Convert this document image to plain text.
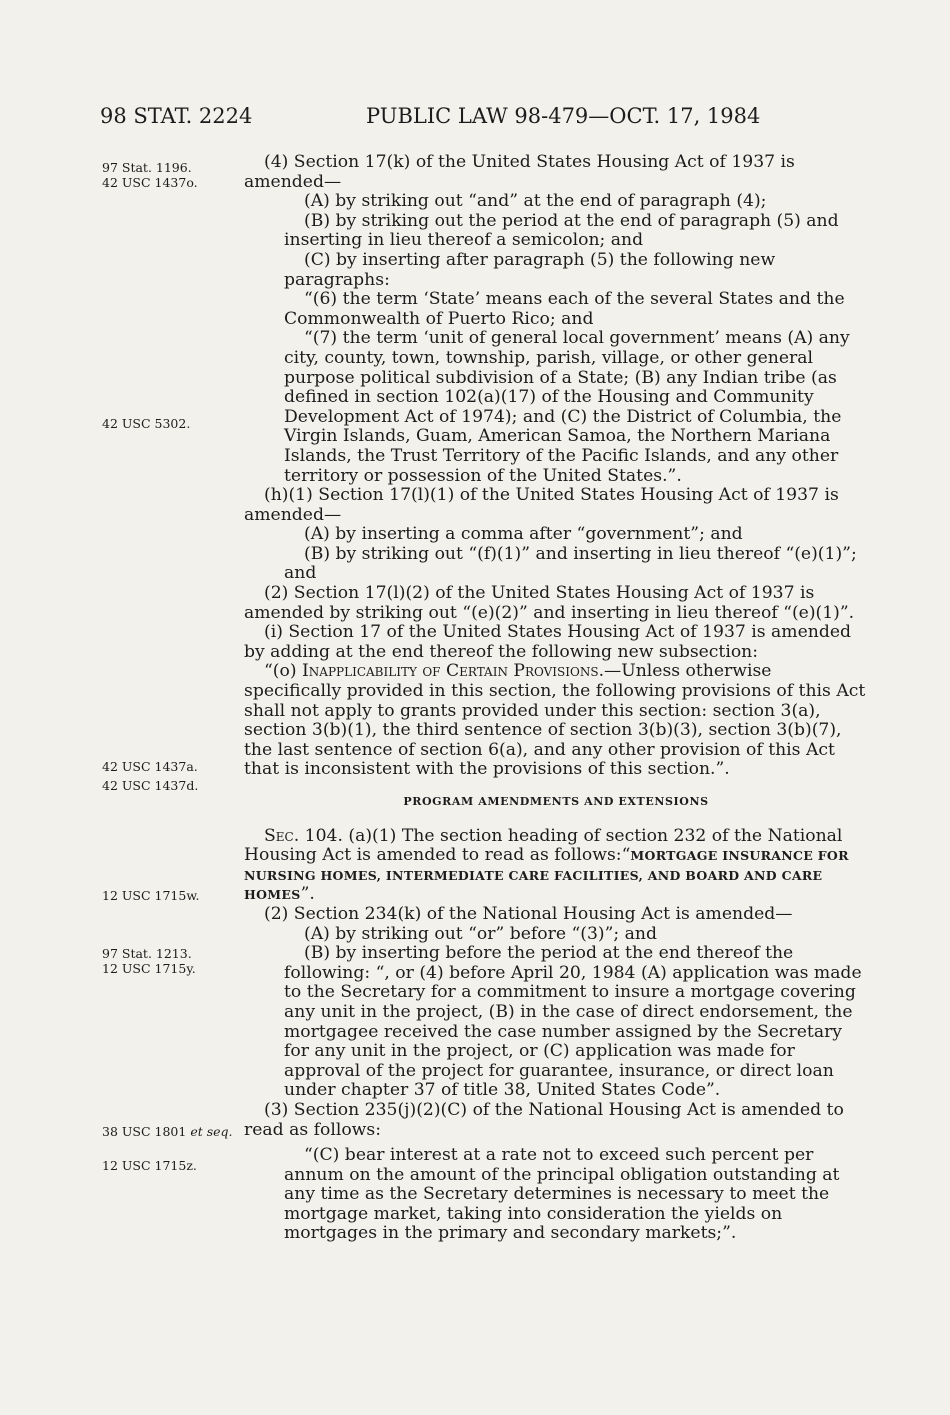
98 STAT. 2224	PUBLIC LAW 98-479—OCT. 17, 1984
97 Stat. 1196.
42 USC 1437o.
42 USC 5302.
42 USC 1437a.
42 USC 1437d.
12 USC 1715w.
97 Stat. 1213.
12 USC 1715y.
38 USC 1801 et seq.
12 USC 1715z.

(4) Section 17(k) of the United States Housing Act of 1937 is amended—

(A) by striking out “and” at the end of paragraph (4);

(B) by striking out the period at the end of paragraph (5) and inserting in lieu thereof a semicolon; and

(C) by inserting after paragraph (5) the following new paragraphs:

“(6) the term ‘State’ means each of the several States and the Commonwealth of Puerto Rico; and

“(7) the term ‘unit of general local government’ means (A) any city, county, town, township, parish, village, or other general purpose political subdivision of a State; (B) any Indian tribe (as defined in section 102(a)(17) of the Housing and Community Development Act of 1974); and (C) the District of Columbia, the Virgin Islands, Guam, American Samoa, the Northern Mariana Islands, the Trust Territory of the Pacific Islands, and any other territory or possession of the United States.”.

(h)(1) Section 17(l)(1) of the United States Housing Act of 1937 is amended—

(A) by inserting a comma after “government”; and

(B) by striking out “(f)(1)” and inserting in lieu thereof “(e)(1)”; and

(2) Section 17(l)(2) of the United States Housing Act of 1937 is amended by striking out “(e)(2)” and inserting in lieu thereof “(e)(1)”.

(i) Section 17 of the United States Housing Act of 1937 is amended by adding at the end thereof the following new subsection:

“(o) Inapplicability of Certain Provisions.—Unless otherwise specifically provided in this section, the following provisions of this Act shall not apply to grants provided under this section: section 3(a), section 3(b)(1), the third sentence of section 3(b)(3), section 3(b)(7), the last sentence of section 6(a), and any other provision of this Act that is inconsistent with the provisions of this section.”.

PROGRAM AMENDMENTS AND EXTENSIONS

Sec. 104. (a)(1) The section heading of section 232 of the National Housing Act is amended to read as follows:“MORTGAGE INSURANCE FOR NURSING HOMES, INTERMEDIATE CARE FACILITIES, AND BOARD AND CARE HOMES”.

(2) Section 234(k) of the National Housing Act is amended—

(A) by striking out “or” before “(3)”; and

(B) by inserting before the period at the end thereof the following: “, or (4) before April 20, 1984 (A) application was made to the Secretary for a commitment to insure a mortgage covering any unit in the project, (B) in the case of direct endorsement, the mortgagee received the case number assigned by the Secretary for any unit in the project, or (C) application was made for approval of the project for guarantee, insurance, or direct loan under chapter 37 of title 38, United States Code”.

(3) Section 235(j)(2)(C) of the National Housing Act is amended to read as follows:

“(C) bear interest at a rate not to exceed such percent per annum on the amount of the principal obligation outstanding at any time as the Secretary determines is necessary to meet the mortgage market, taking into consideration the yields on mortgages in the primary and secondary markets;”.
